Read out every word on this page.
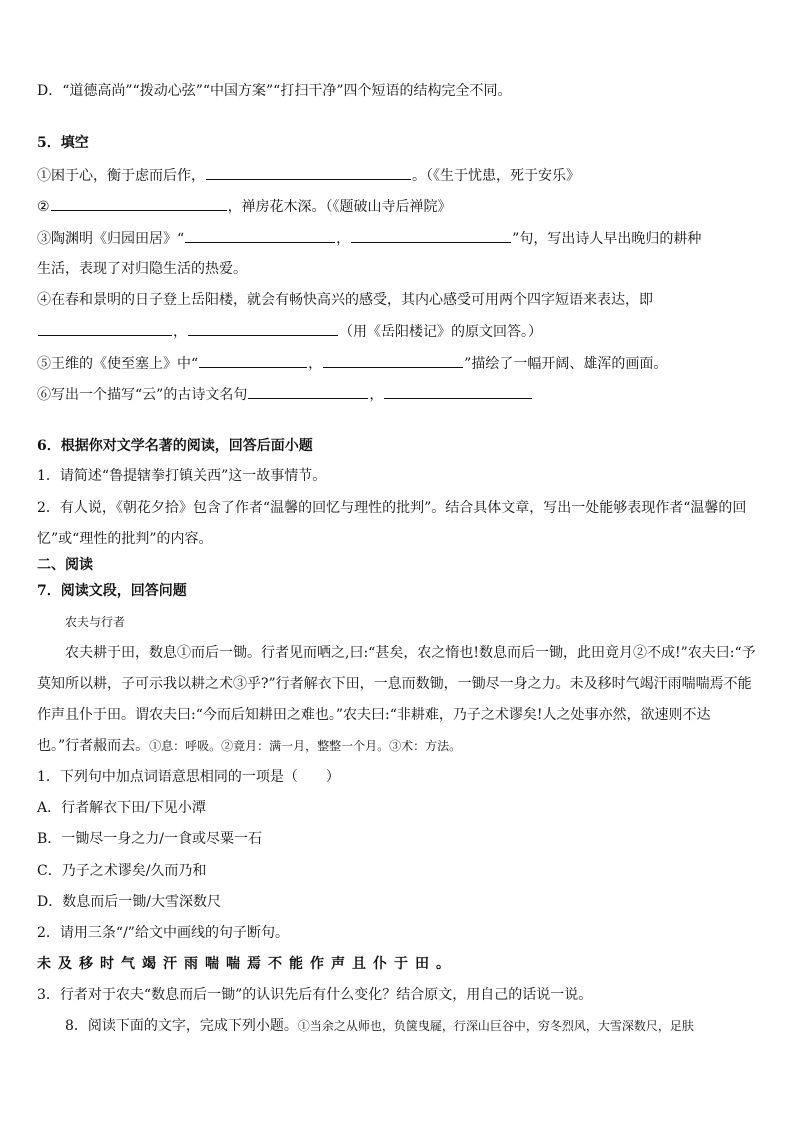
D．“道德高尚”“拨动心弦”“中国方案”“打扫干净”四个短语的结构完全不同。
5．填空
①困于心，衡于虑而后作，	。（《生于忧患，死于安乐》
②	，禅房花木深。（《题破山寺后禅院》
③陶渊明《归园田居》“	，	”句，写出诗人早出晚归的耕种
生活，表现了对归隐生活的热爱。
④在春和景明的日子登上岳阳楼，就会有畅快高兴的感受，其内心感受可用两个四字短语来表达，即
，	（用《岳阳楼记》的原文回答。）
⑤王维的《使至塞上》中“	，	”描绘了一幅开阔、雄浑的画面。
⑥写出一个描写“云”的古诗文名句	，
6．根据你对文学名著的阅读，回答后面小题
1．请简述“鲁提辖拳打镇关西”这一故事情节。
2．有人说，《朝花夕拾》包含了作者“温馨的回忆与理性的批判”。结合具体文章，写出一处能够表现作者“温馨的回
忆”或“理性的批判”的内容。
二、阅读
7．阅读文段，回答问题
农夫与行者
农夫耕于田，数息①而后一锄。行者见而哂之,曰:“甚矣，农之惰也!数息而后一锄，此田竟月②不成!”农夫曰:“予
莫知所以耕，子可示我以耕之术③乎?”行者解衣下田，一息而数锄，一锄尽一身之力。未及移时气竭汗雨喘喘焉不能
作声且仆于田。谓农夫曰:“今而后知耕田之难也。”农夫曰:“非耕难，乃子之术谬矣!人之处事亦然，欲速则不达
也。”行者赧而去。①息：呼吸。②竟月：满一月，整整一个月。③术：方法。
1．下列句中加点词语意思相同的一项是（　　）
A．行者解衣下田/下见小潭
B．一锄尽一身之力/一食或尽粟一石
C．乃子之术谬矣/久而乃和
D．数息而后一锄/大雪深数尺
2．请用三条“/”给文中画线的句子断句。
未及移时气竭汗雨喘喘焉不能作声且仆于田。
3．行者对于农夫“数息而后一锄”的认识先后有什么变化？结合原文，用自己的话说一说。
8．阅读下面的文字，完成下列小题。①当余之从师也，负箧曳屣，行深山巨谷中，穷冬烈风，大雪深数尺，足肤
